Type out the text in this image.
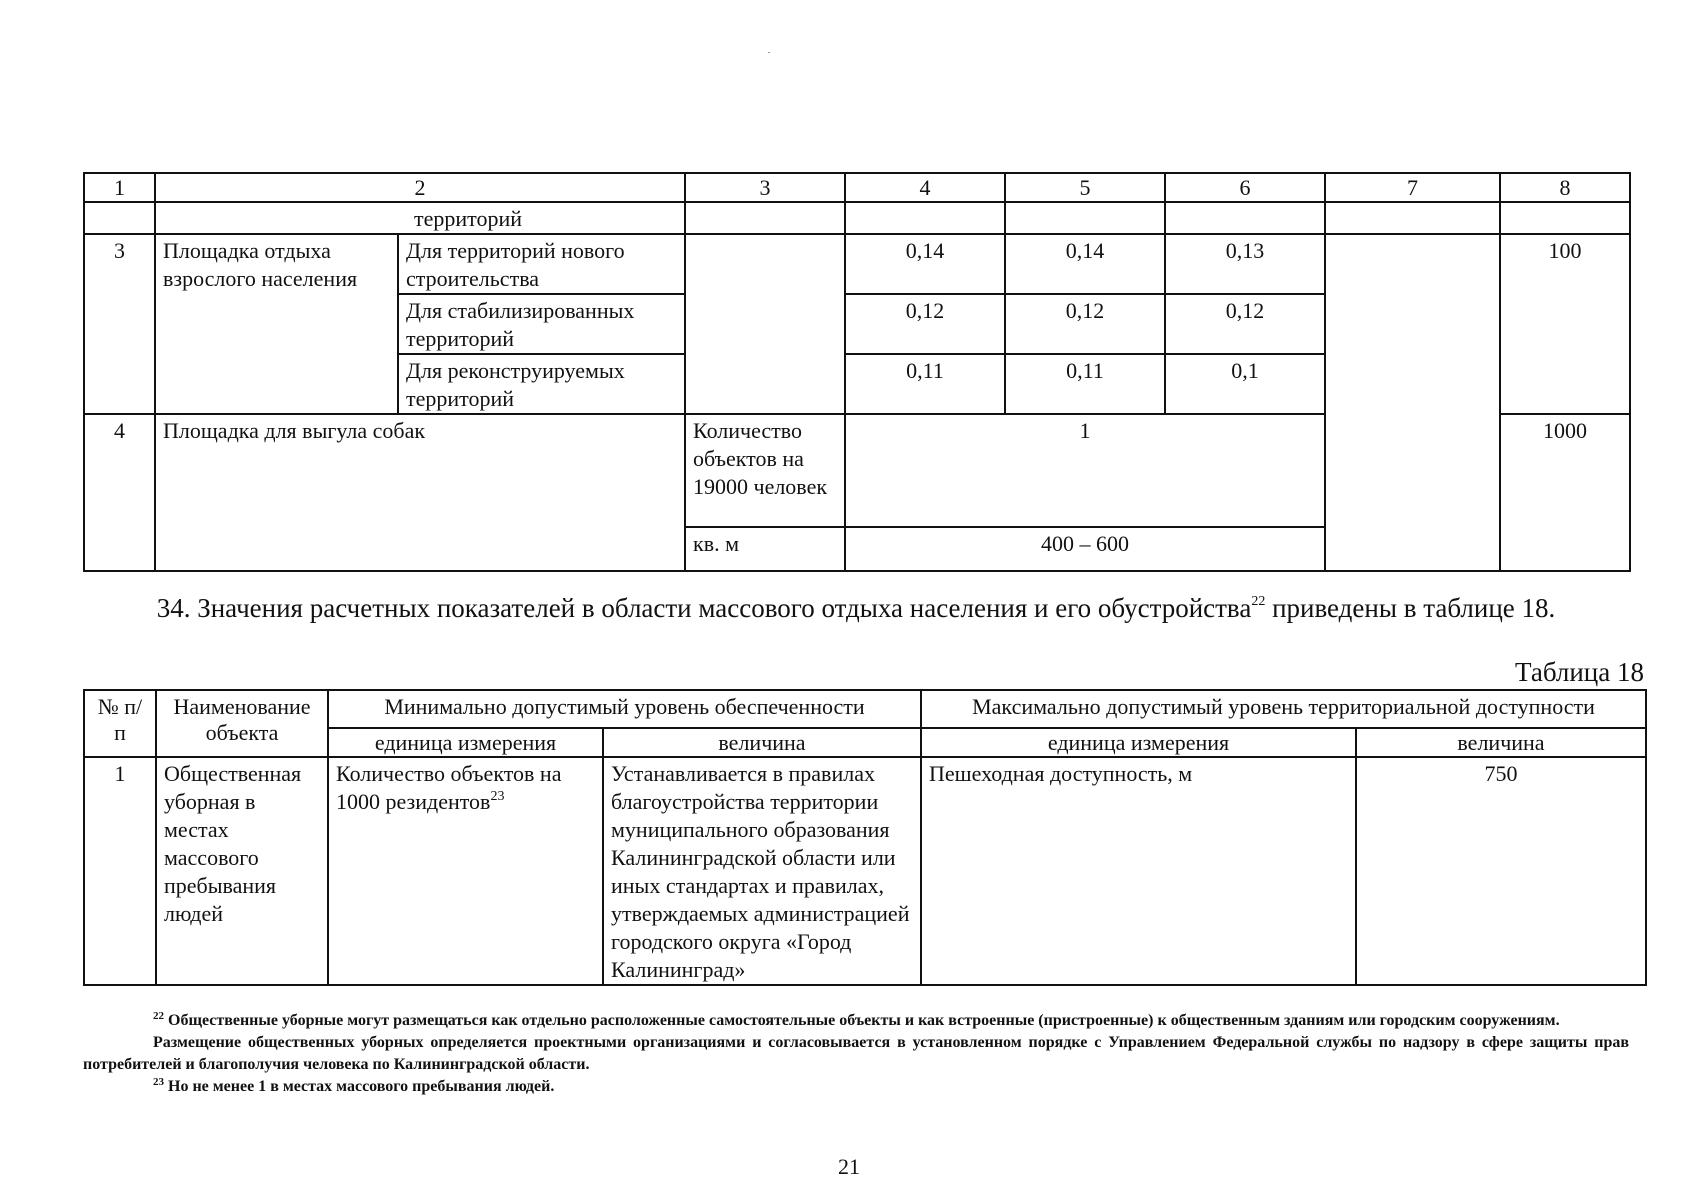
1	2		3	4	5	6	7	8
	территорий							
3	Площадка отдыха взрослого населения	Для территорий нового строительства		0,14	0,14	0,13		100
		Для стабилизированных территорий		0,12	0,12	0,12		
		Для реконструируемых территорий		0,11	0,11	0,1		
4	Площадка для выгула собак		Количество объектов на 19000 человек	1				1000
			кв. м	400 – 600				

34. Значения расчетных показателей в области массового отдыха населения и его обустройства$^{22}$ приведены в таблице 18.

Таблица 18
№ п/п	Наименование объекта	Минимально допустимый уровень обеспеченности		Максимально допустимый уровень территориальной доступности	
		единица измерения	величина	единица измерения	величина
1	Общественная уборная в местах массового пребывания людей	Количество объектов на 1000 резидентов$^{23}$	Устанавливается в правилах благоустройства территории муниципального образования Калининградской области или иных стандартах и правилах, утверждаемых администрацией городского округа «Город Калининград»	Пешеходная доступность, м	750

$^{22}$ Общественные уборные могут размещаться как отдельно расположенные самостоятельные объекты и как встроенные (пристроенные) к общественным зданиям или городским сооружениям.

Размещение общественных уборных определяется проектными организациями и согласовывается в установленном порядке с Управлением Федеральной службы по надзору в сфере защиты прав потребителей и благополучия человека по Калининградской области.

$^{23}$ Но не менее 1 в местах массового пребывания людей.

21
